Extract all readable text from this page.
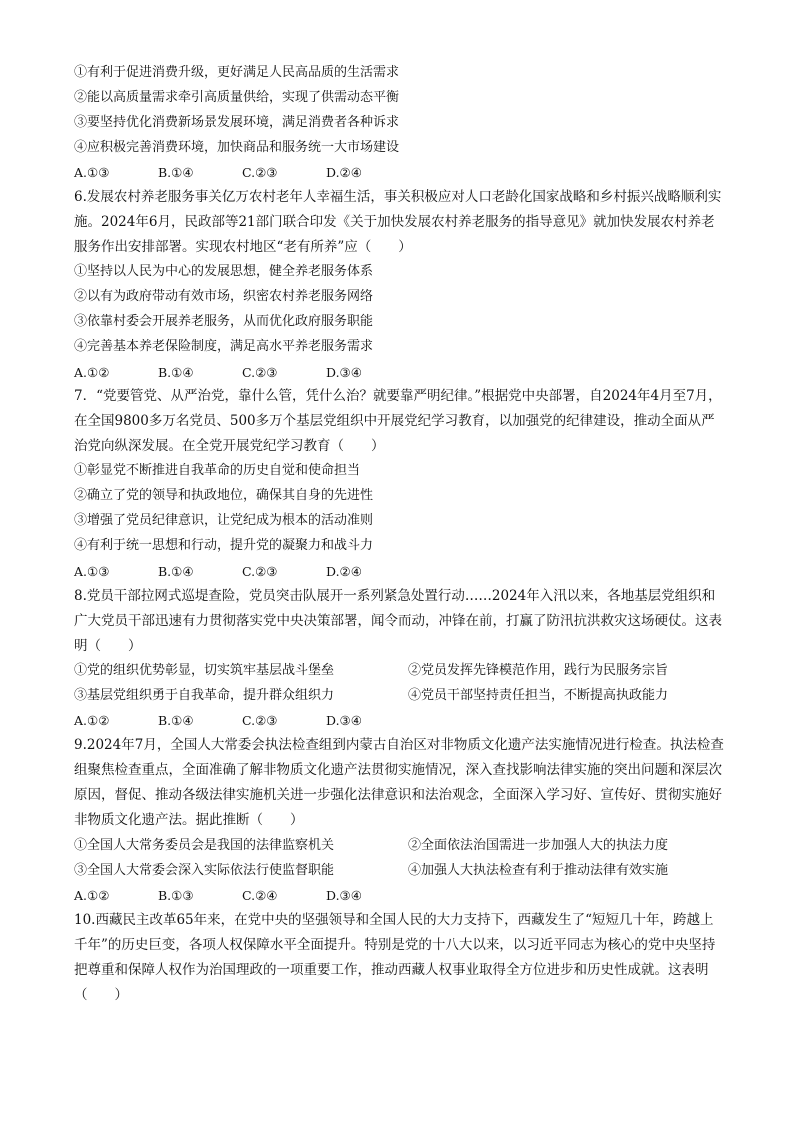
①有利于促进消费升级，更好满足人民高品质的生活需求
②能以高质量需求牵引高质量供给，实现了供需动态平衡
③要坚持优化消费新场景发展环境，满足消费者各种诉求
④应积极完善消费环境，加快商品和服务统一大市场建设
A.①③	B.①④	C.②③	D.②④
6.发展农村养老服务事关亿万农村老年人幸福生活，事关积极应对人口老龄化国家战略和乡村振兴战略顺利实施。2024年6月，民政部等21部门联合印发《关于加快发展农村养老服务的指导意见》就加快发展农村养老服务作出安排部署。实现农村地区“老有所养”应（　　）
①坚持以人民为中心的发展思想，健全养老服务体系
②以有为政府带动有效市场，织密农村养老服务网络
③依靠村委会开展养老服务，从而优化政府服务职能
④完善基本养老保险制度，满足高水平养老服务需求
A.①②	B.①④	C.②③	D.③④
7．“党要管党、从严治党，靠什么管，凭什么治？就要靠严明纪律。”根据党中央部署，自2024年4月至7月，在全国9800多万名党员、500多万个基层党组织中开展党纪学习教育，以加强党的纪律建设，推动全面从严治党向纵深发展。在全党开展党纪学习教育（　　）
①彰显党不断推进自我革命的历史自觉和使命担当
②确立了党的领导和执政地位，确保其自身的先进性
③增强了党员纪律意识，让党纪成为根本的活动准则
④有利于统一思想和行动，提升党的凝聚力和战斗力
A.①③	B.①④	C.②③	D.②④
8.党员干部拉网式巡堤查险，党员突击队展开一系列紧急处置行动……2024年入汛以来，各地基层党组织和广大党员干部迅速有力贯彻落实党中央决策部署，闻令而动，冲锋在前，打赢了防汛抗洪救灾这场硬仗。这表明（　　）
①党的组织优势彰显，切实筑牢基层战斗堡垒	②党员发挥先锋模范作用，践行为民服务宗旨
③基层党组织勇于自我革命，提升群众组织力	④党员干部坚持责任担当，不断提高执政能力
A.①②	B.①④	C.②③	D.③④
9.2024年7月，全国人大常委会执法检查组到内蒙古自治区对非物质文化遗产法实施情况进行检查。执法检查组聚焦检查重点，全面准确了解非物质文化遗产法贯彻实施情况，深入查找影响法律实施的突出问题和深层次原因，督促、推动各级法律实施机关进一步强化法律意识和法治观念，全面深入学习好、宣传好、贯彻实施好非物质文化遗产法。据此推断（　　）
①全国人大常务委员会是我国的法律监察机关	②全面依法治国需进一步加强人大的执法力度
③全国人大常委会深入实际依法行使监督职能	④加强人大执法检查有利于推动法律有效实施
A.①②	B.①③	C.②④	D.③④
10.西藏民主改革65年来，在党中央的坚强领导和全国人民的大力支持下，西藏发生了“短短几十年，跨越上千年”的历史巨变，各项人权保障水平全面提升。特别是党的十八大以来，以习近平同志为核心的党中央坚持把尊重和保障人权作为治国理政的一项重要工作，推动西藏人权事业取得全方位进步和历史性成就。这表明（　　）
